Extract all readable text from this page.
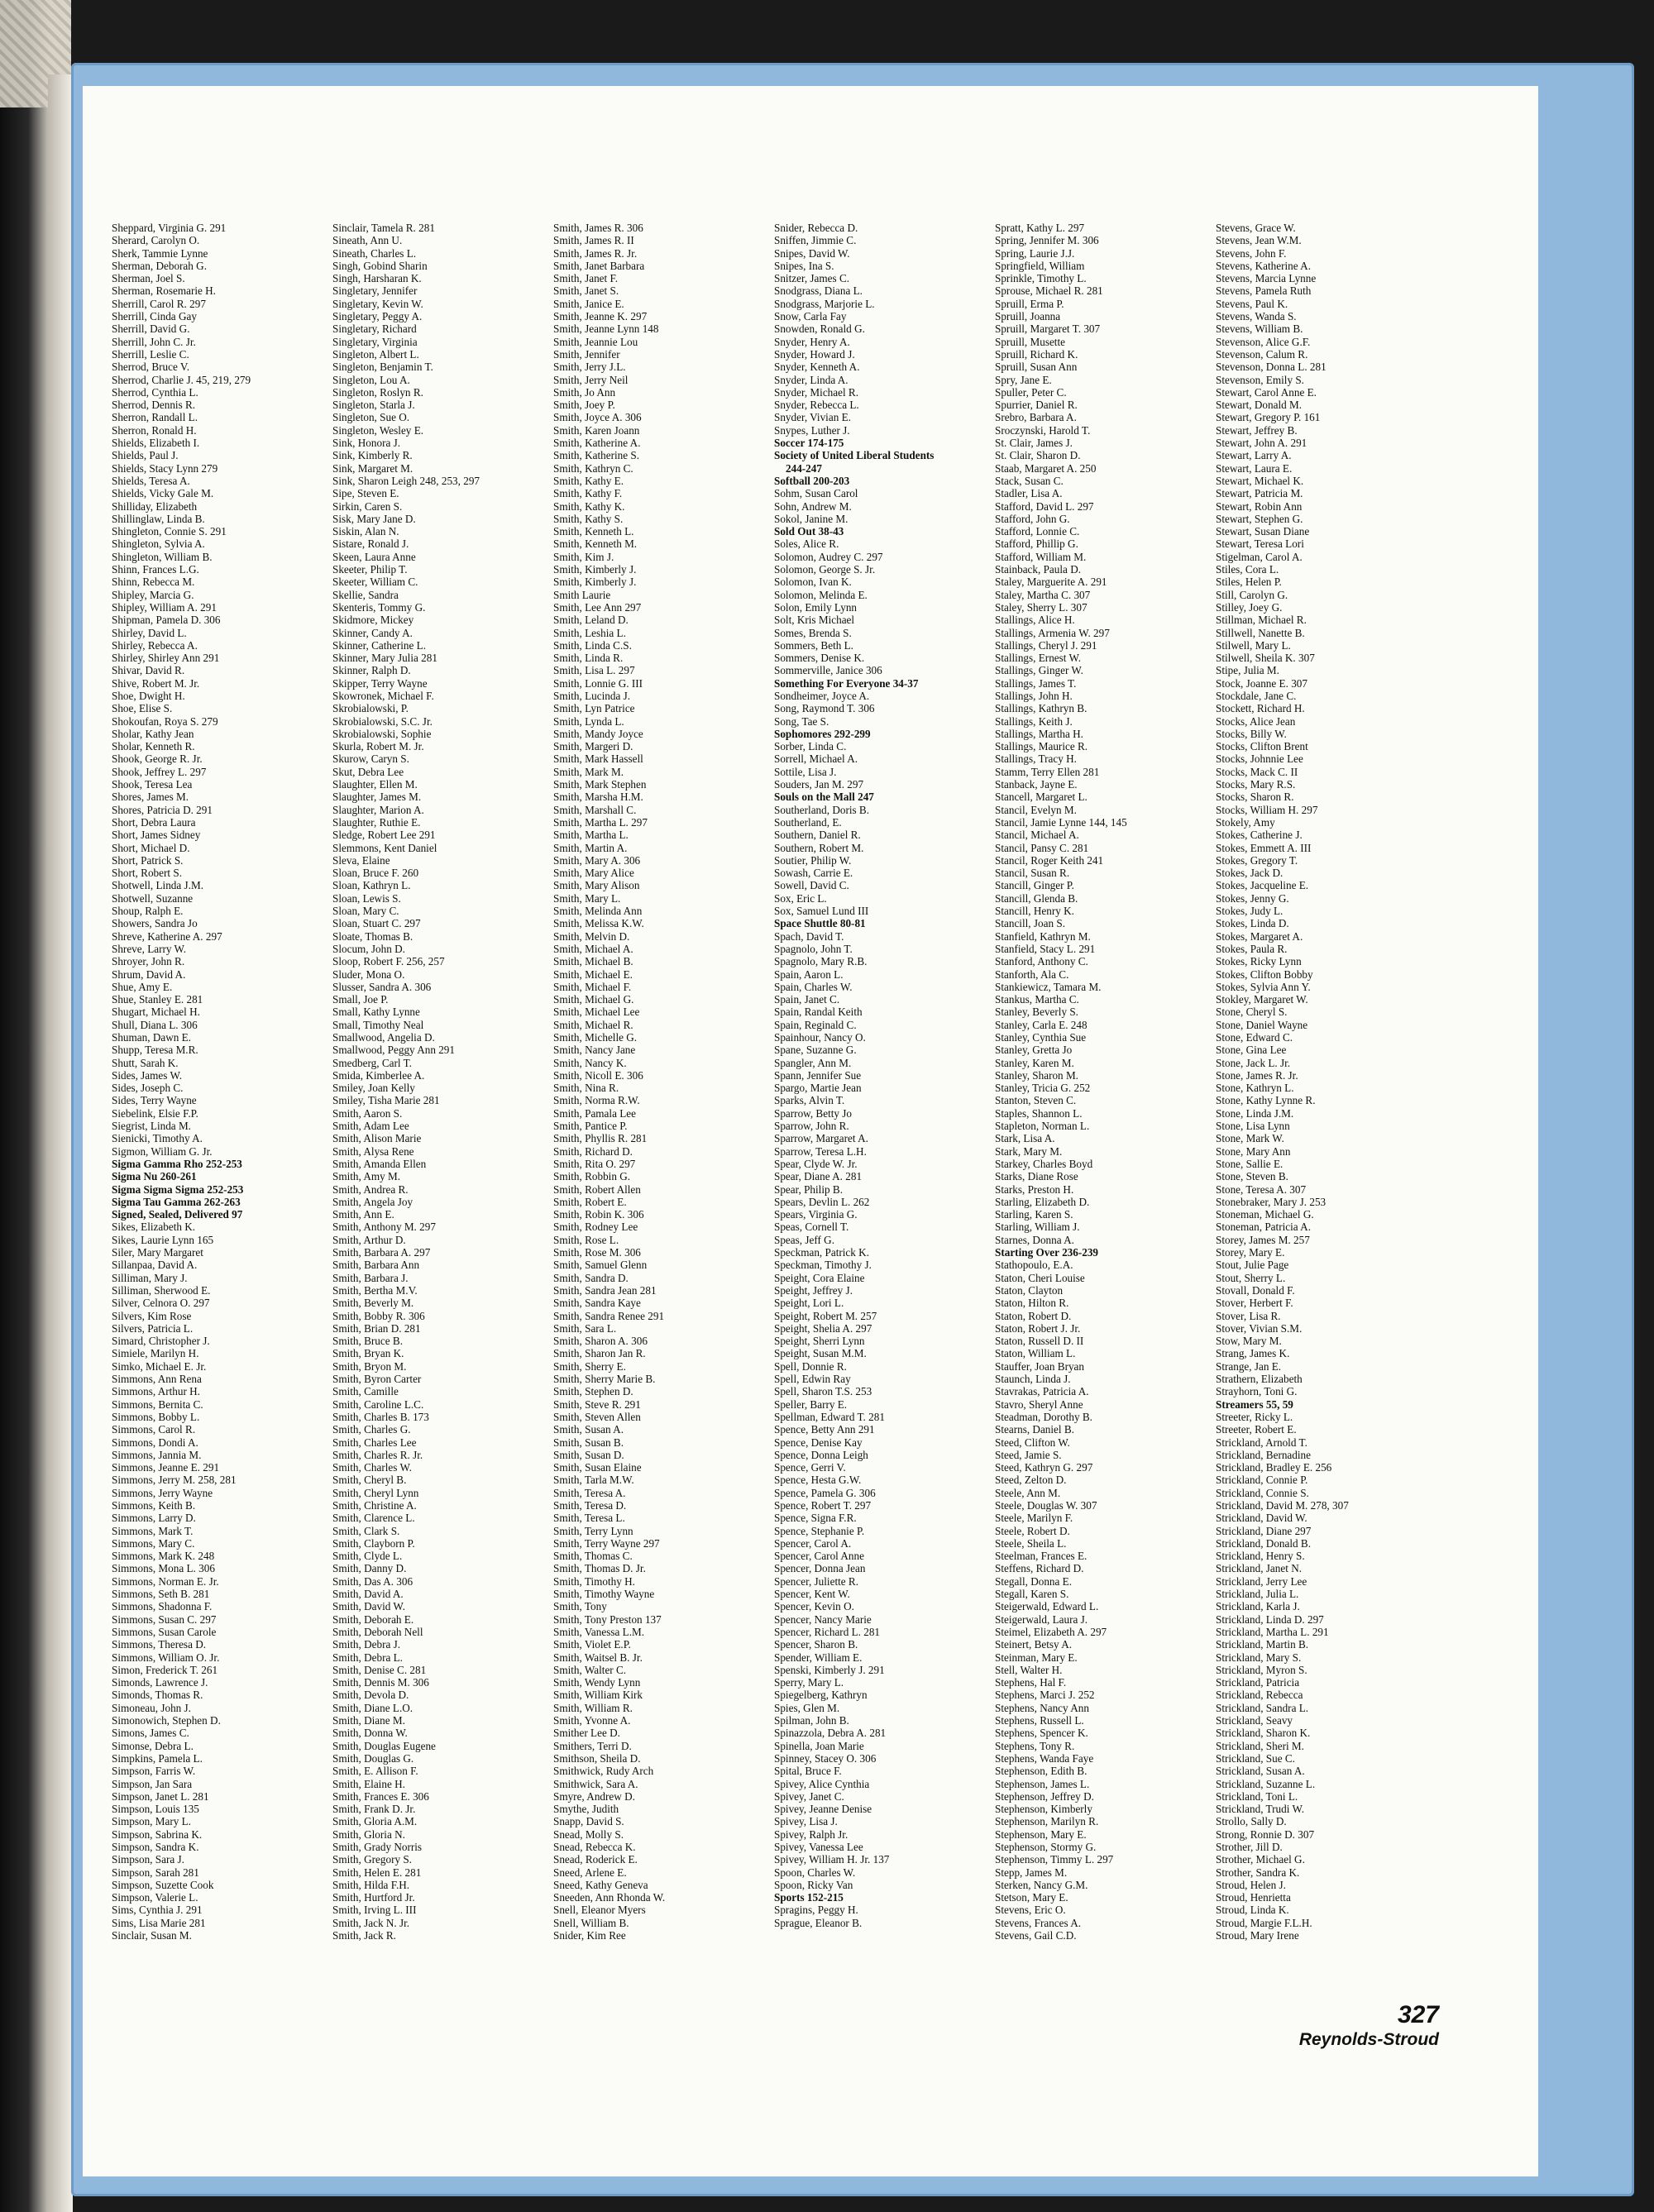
Sheppard, Virginia G. 291
Sherard, Carolyn O.
Sherk, Tammie Lynne
Sherman, Deborah G.
Sherman, Joel S.
Sherman, Rosemarie H.
Sherrill, Carol R. 297
Sherrill, Cinda Gay
Sherrill, David G.
Sherrill, John C. Jr.
Sherrill, Leslie C.
Sherrod, Bruce V.
Sherrod, Charlie J. 45, 219, 279
Sherrod, Cynthia L.
Sherrod, Dennis R.
Sherron, Randall L.
Sherron, Ronald H.
Shields, Elizabeth I.
Shields, Paul J.
Shields, Stacy Lynn 279
Shields, Teresa A.
Shields, Vicky Gale M.
Shilliday, Elizabeth
Shillinglaw, Linda B.
Shingleton, Connie S. 291
Shingleton, Sylvia A.
Shingleton, William B.
Shinn, Frances L.G.
Shinn, Rebecca M.
Shipley, Marcia G.
Shipley, William A. 291
Shipman, Pamela D. 306
Shirley, David L.
Shirley, Rebecca A.
Shirley, Shirley Ann 291
Shivar, David R.
Shive, Robert M. Jr.
Shoe, Dwight H.
Shoe, Elise S.
Shokoufan, Roya S. 279
Sholar, Kathy Jean
Sholar, Kenneth R.
Shook, George R. Jr.
Shook, Jeffrey L. 297
Shook, Teresa Lea
Shores, James M.
Shores, Patricia D. 291
Short, Debra Laura
Short, James Sidney
Short, Michael D.
Short, Patrick S.
Short, Robert S.
Shotwell, Linda J.M.
Shotwell, Suzanne
Shoup, Ralph E.
Showers, Sandra Jo
Shreve, Katherine A. 297
Shreve, Larry W.
Shroyer, John R.
Shrum, David A.
Shue, Amy E.
Shue, Stanley E. 281
Shugart, Michael H.
Shull, Diana L. 306
Shuman, Dawn E.
Shupp, Teresa M.R.
Shutt, Sarah K.
Sides, James W.
Sides, Joseph C.
Sides, Terry Wayne
Siebelink, Elsie F.P.
Siegrist, Linda M.
Sienicki, Timothy A.
Sigmon, William G. Jr.
Sigma Gamma Rho 252-253
Sigma Nu 260-261
Sigma Sigma Sigma 252-253
Sigma Tau Gamma 262-263
Signed, Sealed, Delivered 97
Sikes, Elizabeth K.
Sikes, Laurie Lynn 165
Siler, Mary Margaret
Sillanpaa, David A.
Silliman, Mary J.
Silliman, Sherwood E.
Silver, Celnora O. 297
Silvers, Kim Rose
Silvers, Patricia L.
Simard, Christopher J.
Simiele, Marilyn H.
Simko, Michael E. Jr.
Simmons, Ann Rena
Simmons, Arthur H.
Simmons, Bernita C.
Simmons, Bobby L.
Simmons, Carol R.
Simmons, Dondi A.
Simmons, Jannia M.
Simmons, Jeanne E. 291
Simmons, Jerry M. 258, 281
Simmons, Jerry Wayne
Simmons, Keith B.
Simmons, Larry D.
Simmons, Mark T.
Simmons, Mary C.
Simmons, Mark K. 248
Simmons, Mona L. 306
Simmons, Norman E. Jr.
Simmons, Seth B. 281
Simmons, Shadonna F.
Simmons, Susan C. 297
Simmons, Susan Carole
Simmons, Theresa D.
Simmons, William O. Jr.
Simon, Frederick T. 261
Simonds, Lawrence J.
Simonds, Thomas R.
Simoneau, John J.
Simonowich, Stephen D.
Simons, James C.
Simonse, Debra L.
Simpkins, Pamela L.
Simpson, Farris W.
Simpson, Jan Sara
Simpson, Janet L. 281
Simpson, Louis 135
Simpson, Mary L.
Simpson, Sabrina K.
Simpson, Sandra K.
Simpson, Sara J.
Simpson, Sarah 281
Simpson, Suzette Cook
Simpson, Valerie L.
Sims, Cynthia J. 291
Sims, Lisa Marie 281
Sinclair, Susan M.
Sinclair, Tamela R. 281
Sineath, Ann U.
Sineath, Charles L.
Singh, Gobind Sharin
Singh, Harsharan K.
Singletary, Jennifer
Singletary, Kevin W.
Singletary, Peggy A.
Singletary, Richard
Singletary, Virginia
Singleton, Albert L.
Singleton, Benjamin T.
Singleton, Lou A.
Singleton, Roslyn R.
Singleton, Starla J.
Singleton, Sue O.
Singleton, Wesley E.
Sink, Honora J.
Sink, Kimberly R.
Sink, Margaret M.
Sink, Sharon Leigh 248, 253, 297
Sipe, Steven E.
Sirkin, Caren S.
Sisk, Mary Jane D.
Siskin, Alan N.
Sistare, Ronald J.
Skeen, Laura Anne
Skeeter, Philip T.
Skeeter, William C.
Skellie, Sandra
Skenteris, Tommy G.
Skidmore, Mickey
Skinner, Candy A.
Skinner, Catherine L.
Skinner, Mary Julia 281
Skinner, Ralph D.
Skipper, Terry Wayne
Skowronek, Michael F.
Skrobialowski, P.
Skrobialowski, S.C. Jr.
Skrobialowski, Sophie
Skurla, Robert M. Jr.
Skurow, Caryn S.
Skut, Debra Lee
Slaughter, Ellen M.
Slaughter, James M.
Slaughter, Marion A.
Slaughter, Ruthie E.
Sledge, Robert Lee 291
Slemmons, Kent Daniel
Sleva, Elaine
Sloan, Bruce F. 260
Sloan, Kathryn L.
Sloan, Lewis S.
Sloan, Mary C.
Sloan, Stuart C. 297
Sloate, Thomas B.
Slocum, John D.
Sloop, Robert F. 256, 257
Sluder, Mona O.
Slusser, Sandra A. 306
Small, Joe P.
Small, Kathy Lynne
Small, Timothy Neal
Smallwood, Angelia D.
Smallwood, Peggy Ann 291
Smedberg, Carl T.
Smida, Kimberlee A.
Smiley, Joan Kelly
Smiley, Tisha Marie 281
Smith, Aaron S.
Smith, Adam Lee
Smith, Alison Marie
Smith, Alysa Rene
Smith, Amanda Ellen
Smith, Amy M.
Smith, Andrea R.
Smith, Angela Joy
Smith, Ann E.
Smith, Anthony M. 297
Smith, Arthur D.
Smith, Barbara A. 297
Smith, Barbara Ann
Smith, Barbara J.
Smith, Bertha M.V.
Smith, Beverly M.
Smith, Bobby R. 306
Smith, Brian D. 281
Smith, Bruce B.
Smith, Bryan K.
Smith, Bryon M.
Smith, Byron Carter
Smith, Camille
Smith, Caroline L.C.
Smith, Charles B. 173
Smith, Charles G.
Smith, Charles Lee
Smith, Charles R. Jr.
Smith, Charles W.
Smith, Cheryl B.
Smith, Cheryl Lynn
Smith, Christine A.
Smith, Clarence L.
Smith, Clark S.
Smith, Clayborn P.
Smith, Clyde L.
Smith, Danny D.
Smith, Das A. 306
Smith, David A.
Smith, David W.
Smith, Deborah E.
Smith, Deborah Nell
Smith, Debra J.
Smith, Debra L.
Smith, Denise C. 281
Smith, Dennis M. 306
Smith, Devola D.
Smith, Diane L.O.
Smith, Diane M.
Smith, Donna W.
Smith, Douglas Eugene
Smith, Douglas G.
Smith, E. Allison F.
Smith, Elaine H.
Smith, Frances E. 306
Smith, Frank D. Jr.
Smith, Gloria A.M.
Smith, Gloria N.
Smith, Grady Norris
Smith, Gregory S.
Smith, Helen E. 281
Smith, Hilda F.H.
Smith, Hurtford Jr.
Smith, Irving L. III
Smith, Jack N. Jr.
Smith, Jack R.
Smith, James R. 306
Smith, James R. II
Smith, James R. Jr.
Smith, Janet Barbara
Smith, Janet F.
Smith, Janet S.
Smith, Janice E.
Smith, Jeanne K. 297
Smith, Jeanne Lynn 148
Smith, Jeannie Lou
Smith, Jennifer
Smith, Jerry J.L.
Smith, Jerry Neil
Smith, Jo Ann
Smith, Joey P.
Smith, Joyce A. 306
Smith, Karen Joann
Smith, Katherine A.
Smith, Katherine S.
Smith, Kathryn C.
Smith, Kathy E.
Smith, Kathy F.
Smith, Kathy K.
Smith, Kathy S.
Smith, Kenneth L.
Smith, Kenneth M.
Smith, Kim J.
Smith, Kimberly J.
Smith, Kimberly J.
Smith Laurie
Smith, Lee Ann 297
Smith, Leland D.
Smith, Leshia L.
Smith, Linda C.S.
Smith, Linda R.
Smith, Lisa L. 297
Smith, Lonnie G. III
Smith, Lucinda J.
Smith, Lyn Patrice
Smith, Lynda L.
Smith, Mandy Joyce
Smith, Margeri D.
Smith, Mark Hassell
Smith, Mark M.
Smith, Mark Stephen
Smith, Marsha H.M.
Smith, Marshall C.
Smith, Martha L. 297
Smith, Martha L.
Smith, Martin A.
Smith, Mary A. 306
Smith, Mary Alice
Smith, Mary Alison
Smith, Mary L.
Smith, Melinda Ann
Smith, Melissa K.W.
Smith, Melvin D.
Smith, Michael A.
Smith, Michael B.
Smith, Michael E.
Smith, Michael F.
Smith, Michael G.
Smith, Michael Lee
Smith, Michael R.
Smith, Michelle G.
Smith, Nancy Jane
Smith, Nancy K.
Smith, Nicoll E. 306
Smith, Nina R.
Smith, Norma R.W.
Smith, Pamala Lee
Smith, Pantice P.
Smith, Phyllis R. 281
Smith, Richard D.
Smith, Rita O. 297
Smith, Robbin G.
Smith, Robert Allen
Smith, Robert E.
Smith, Robin K. 306
Smith, Rodney Lee
Smith, Rose L.
Smith, Rose M. 306
Smith, Samuel Glenn
Smith, Sandra D.
Smith, Sandra Jean 281
Smith, Sandra Kaye
Smith, Sandra Renee 291
Smith, Sara L.
Smith, Sharon A. 306
Smith, Sharon Jan R.
Smith, Sherry E.
Smith, Sherry Marie B.
Smith, Stephen D.
Smith, Steve R. 291
Smith, Steven Allen
Smith, Susan A.
Smith, Susan B.
Smith, Susan D.
Smith, Susan Elaine
Smith, Tarla M.W.
Smith, Teresa A.
Smith, Teresa D.
Smith, Teresa L.
Smith, Terry Lynn
Smith, Terry Wayne 297
Smith, Thomas C.
Smith, Thomas D. Jr.
Smith, Timothy H.
Smith, Timothy Wayne
Smith, Tony
Smith, Tony Preston 137
Smith, Vanessa L.M.
Smith, Violet E.P.
Smith, Waitsel B. Jr.
Smith, Walter C.
Smith, Wendy Lynn
Smith, William Kirk
Smith, William R.
Smith, Yvonne A.
Smither Lee D.
Smithers, Terri D.
Smithson, Sheila D.
Smithwick, Rudy Arch
Smithwick, Sara A.
Smyre, Andrew D.
Smythe, Judith
Snapp, David S.
Snead, Molly S.
Snead, Rebecca K.
Snead, Roderick E.
Sneed, Arlene E.
Sneed, Kathy Geneva
Sneeden, Ann Rhonda W.
Snell, Eleanor Myers
Snell, William B.
Snider, Kim Ree
Snider, Rebecca D.
Sniffen, Jimmie C.
Snipes, David W.
Snipes, Ina S.
Snitzer, James C.
Snodgrass, Diana L.
Snodgrass, Marjorie L.
Snow, Carla Fay
Snowden, Ronald G.
Snyder, Henry A.
Snyder, Howard J.
Snyder, Kenneth A.
Snyder, Linda A.
Snyder, Michael R.
Snyder, Rebecca L.
Snyder, Vivian E.
Snypes, Luther J.
Soccer 174-175
Society of United Liberal Students
244-247
Softball 200-203
Sohm, Susan Carol
Sohn, Andrew M.
Sokol, Janine M.
Sold Out 38-43
Soles, Alice R.
Solomon, Audrey C. 297
Solomon, George S. Jr.
Solomon, Ivan K.
Solomon, Melinda E.
Solon, Emily Lynn
Solt, Kris Michael
Somes, Brenda S.
Sommers, Beth L.
Sommers, Denise K.
Sommerville, Janice 306
Something For Everyone 34-37
Sondheimer, Joyce A.
Song, Raymond T. 306
Song, Tae S.
Sophomores 292-299
Sorber, Linda C.
Sorrell, Michael A.
Sottile, Lisa J.
Souders, Jan M. 297
Souls on the Mall 247
Southerland, Doris B.
Southerland, E.
Southern, Daniel R.
Southern, Robert M.
Soutier, Philip W.
Sowash, Carrie E.
Sowell, David C.
Sox, Eric L.
Sox, Samuel Lund III
Space Shuttle 80-81
Spach, David T.
Spagnolo, John T.
Spagnolo, Mary R.B.
Spain, Aaron L.
Spain, Charles W.
Spain, Janet C.
Spain, Randal Keith
Spain, Reginald C.
Spainhour, Nancy O.
Spane, Suzanne G.
Spangler, Ann M.
Spann, Jennifer Sue
Spargo, Martie Jean
Sparks, Alvin T.
Sparrow, Betty Jo
Sparrow, John R.
Sparrow, Margaret A.
Sparrow, Teresa L.H.
Spear, Clyde W. Jr.
Spear, Diane A. 281
Spear, Philip B.
Spears, Devlin L. 262
Spears, Virginia G.
Speas, Cornell T.
Speas, Jeff G.
Speckman, Patrick K.
Speckman, Timothy J.
Speight, Cora Elaine
Speight, Jeffrey J.
Speight, Lori L.
Speight, Robert M. 257
Speight, Shelia A. 297
Speight, Sherri Lynn
Speight, Susan M.M.
Spell, Donnie R.
Spell, Edwin Ray
Spell, Sharon T.S. 253
Speller, Barry E.
Spellman, Edward T. 281
Spence, Betty Ann 291
Spence, Denise Kay
Spence, Donna Leigh
Spence, Gerri V.
Spence, Hesta G.W.
Spence, Pamela G. 306
Spence, Robert T. 297
Spence, Signa F.R.
Spence, Stephanie P.
Spencer, Carol A.
Spencer, Carol Anne
Spencer, Donna Jean
Spencer, Juliette R.
Spencer, Kent W.
Spencer, Kevin O.
Spencer, Nancy Marie
Spencer, Richard L. 281
Spencer, Sharon B.
Spender, William E.
Spenski, Kimberly J. 291
Sperry, Mary L.
Spiegelberg, Kathryn
Spies, Glen M.
Spilman, John B.
Spinazzola, Debra A. 281
Spinella, Joan Marie
Spinney, Stacey O. 306
Spital, Bruce F.
Spivey, Alice Cynthia
Spivey, Janet C.
Spivey, Jeanne Denise
Spivey, Lisa J.
Spivey, Ralph Jr.
Spivey, Vanessa Lee
Spivey, William H. Jr. 137
Spoon, Charles W.
Spoon, Ricky Van
Sports 152-215
Spragins, Peggy H.
Sprague, Eleanor B.
Spratt, Kathy L. 297
Spring, Jennifer M. 306
Spring, Laurie J.J.
Springfield, William
Sprinkle, Timothy L.
Sprouse, Michael R. 281
Spruill, Erma P.
Spruill, Joanna
Spruill, Margaret T. 307
Spruill, Musette
Spruill, Richard K.
Spruill, Susan Ann
Spry, Jane E.
Spuller, Peter C.
Spurrier, Daniel R.
Srebro, Barbara A.
Sroczynski, Harold T.
St. Clair, James J.
St. Clair, Sharon D.
Staab, Margaret A. 250
Stack, Susan C.
Stadler, Lisa A.
Stafford, David L. 297
Stafford, John G.
Stafford, Lonnie C.
Stafford, Phillip G.
Stafford, William M.
Stainback, Paula D.
Staley, Marguerite A. 291
Staley, Martha C. 307
Staley, Sherry L. 307
Stallings, Alice H.
Stallings, Armenia W. 297
Stallings, Cheryl J. 291
Stallings, Ernest W.
Stallings, Ginger W.
Stallings, James T.
Stallings, John H.
Stallings, Kathryn B.
Stallings, Keith J.
Stallings, Martha H.
Stallings, Maurice R.
Stallings, Tracy H.
Stamm, Terry Ellen 281
Stanback, Jayne E.
Stancell, Margaret L.
Stancil, Evelyn M.
Stancil, Jamie Lynne 144, 145
Stancil, Michael A.
Stancil, Pansy C. 281
Stancil, Roger Keith 241
Stancil, Susan R.
Stancill, Ginger P.
Stancill, Glenda B.
Stancill, Henry K.
Stancill, Joan S.
Stanfield, Kathryn M.
Stanfield, Stacy L. 291
Stanford, Anthony C.
Stanforth, Ala C.
Stankiewicz, Tamara M.
Stankus, Martha C.
Stanley, Beverly S.
Stanley, Carla E. 248
Stanley, Cynthia Sue
Stanley, Gretta Jo
Stanley, Karen M.
Stanley, Sharon M.
Stanley, Tricia G. 252
Stanton, Steven C.
Staples, Shannon L.
Stapleton, Norman L.
Stark, Lisa A.
Stark, Mary M.
Starkey, Charles Boyd
Starks, Diane Rose
Starks, Preston H.
Starling, Elizabeth D.
Starling, Karen S.
Starling, William J.
Starnes, Donna A.
Starting Over 236-239
Stathopoulo, E.A.
Staton, Cheri Louise
Staton, Clayton
Staton, Hilton R.
Staton, Robert D.
Staton, Robert J. Jr.
Staton, Russell D. II
Staton, William L.
Stauffer, Joan Bryan
Staunch, Linda J.
Stavrakas, Patricia A.
Stavro, Sheryl Anne
Steadman, Dorothy B.
Stearns, Daniel B.
Steed, Clifton W.
Steed, Jamie S.
Steed, Kathryn G. 297
Steed, Zelton D.
Steele, Ann M.
Steele, Douglas W. 307
Steele, Marilyn F.
Steele, Robert D.
Steele, Sheila L.
Steelman, Frances E.
Steffens, Richard D.
Stegall, Donna E.
Stegall, Karen S.
Steigerwald, Edward L.
Steigerwald, Laura J.
Steimel, Elizabeth A. 297
Steinert, Betsy A.
Steinman, Mary E.
Stell, Walter H.
Stephens, Hal F.
Stephens, Marci J. 252
Stephens, Nancy Ann
Stephens, Russell L.
Stephens, Spencer K.
Stephens, Tony R.
Stephens, Wanda Faye
Stephenson, Edith B.
Stephenson, James L.
Stephenson, Jeffrey D.
Stephenson, Kimberly
Stephenson, Marilyn R.
Stephenson, Mary E.
Stephenson, Stormy G.
Stephenson, Timmy L. 297
Stepp, James M.
Sterken, Nancy G.M.
Stetson, Mary E.
Stevens, Eric O.
Stevens, Frances A.
Stevens, Gail C.D.
Stevens, Grace W.
Stevens, Jean W.M.
Stevens, John F.
Stevens, Katherine A.
Stevens, Marcia Lynne
Stevens, Pamela Ruth
Stevens, Paul K.
Stevens, Wanda S.
Stevens, William B.
Stevenson, Alice G.F.
Stevenson, Calum R.
Stevenson, Donna L. 281
Stevenson, Emily S.
Stewart, Carol Anne E.
Stewart, Donald M.
Stewart, Gregory P. 161
Stewart, Jeffrey B.
Stewart, John A. 291
Stewart, Larry A.
Stewart, Laura E.
Stewart, Michael K.
Stewart, Patricia M.
Stewart, Robin Ann
Stewart, Stephen G.
Stewart, Susan Diane
Stewart, Teresa Lori
Stigelman, Carol A.
Stiles, Cora L.
Stiles, Helen P.
Still, Carolyn G.
Stilley, Joey G.
Stillman, Michael R.
Stillwell, Nanette B.
Stilwell, Mary L.
Stilwell, Sheila K. 307
Stipe, Julia M.
Stock, Joanne E. 307
Stockdale, Jane C.
Stockett, Richard H.
Stocks, Alice Jean
Stocks, Billy W.
Stocks, Clifton Brent
Stocks, Johnnie Lee
Stocks, Mack C. II
Stocks, Mary R.S.
Stocks, Sharon R.
Stocks, William H. 297
Stokely, Amy
Stokes, Catherine J.
Stokes, Emmett A. III
Stokes, Gregory T.
Stokes, Jack D.
Stokes, Jacqueline E.
Stokes, Jenny G.
Stokes, Judy L.
Stokes, Linda D.
Stokes, Margaret A.
Stokes, Paula R.
Stokes, Ricky Lynn
Stokes, Clifton Bobby
Stokes, Sylvia Ann Y.
Stokley, Margaret W.
Stone, Cheryl S.
Stone, Daniel Wayne
Stone, Edward C.
Stone, Gina Lee
Stone, Jack L. Jr.
Stone, James R. Jr.
Stone, Kathryn L.
Stone, Kathy Lynne R.
Stone, Linda J.M.
Stone, Lisa Lynn
Stone, Mark W.
Stone, Mary Ann
Stone, Sallie E.
Stone, Steven B.
Stone, Teresa A. 307
Stonebraker, Mary J. 253
Stoneman, Michael G.
Stoneman, Patricia A.
Storey, James M. 257
Storey, Mary E.
Stout, Julie Page
Stout, Sherry L.
Stovall, Donald F.
Stover, Herbert F.
Stover, Lisa R.
Stover, Vivian S.M.
Stow, Mary M.
Strang, James K.
Strange, Jan E.
Strathern, Elizabeth
Strayhorn, Toni G.
Streamers 55, 59
Streeter, Ricky L.
Streeter, Robert E.
Strickland, Arnold T.
Strickland, Bernadine
Strickland, Bradley E. 256
Strickland, Connie P.
Strickland, Connie S.
Strickland, David M. 278, 307
Strickland, David W.
Strickland, Diane 297
Strickland, Donald B.
Strickland, Henry S.
Strickland, Janet N.
Strickland, Jerry Lee
Strickland, Julia L.
Strickland, Karla J.
Strickland, Linda D. 297
Strickland, Martha L. 291
Strickland, Martin B.
Strickland, Mary S.
Strickland, Myron S.
Strickland, Patricia
Strickland, Rebecca
Strickland, Sandra L.
Strickland, Seavy
Strickland, Sharon K.
Strickland, Sheri M.
Strickland, Sue C.
Strickland, Susan A.
Strickland, Suzanne L.
Strickland, Toni L.
Strickland, Trudi W.
Strollo, Sally D.
Strong, Ronnie D. 307
Strother, Jill D.
Strother, Michael G.
Strother, Sandra K.
Stroud, Helen J.
Stroud, Henrietta
Stroud, Linda K.
Stroud, Margie F.L.H.
Stroud, Mary Irene
327
Reynolds-Stroud
